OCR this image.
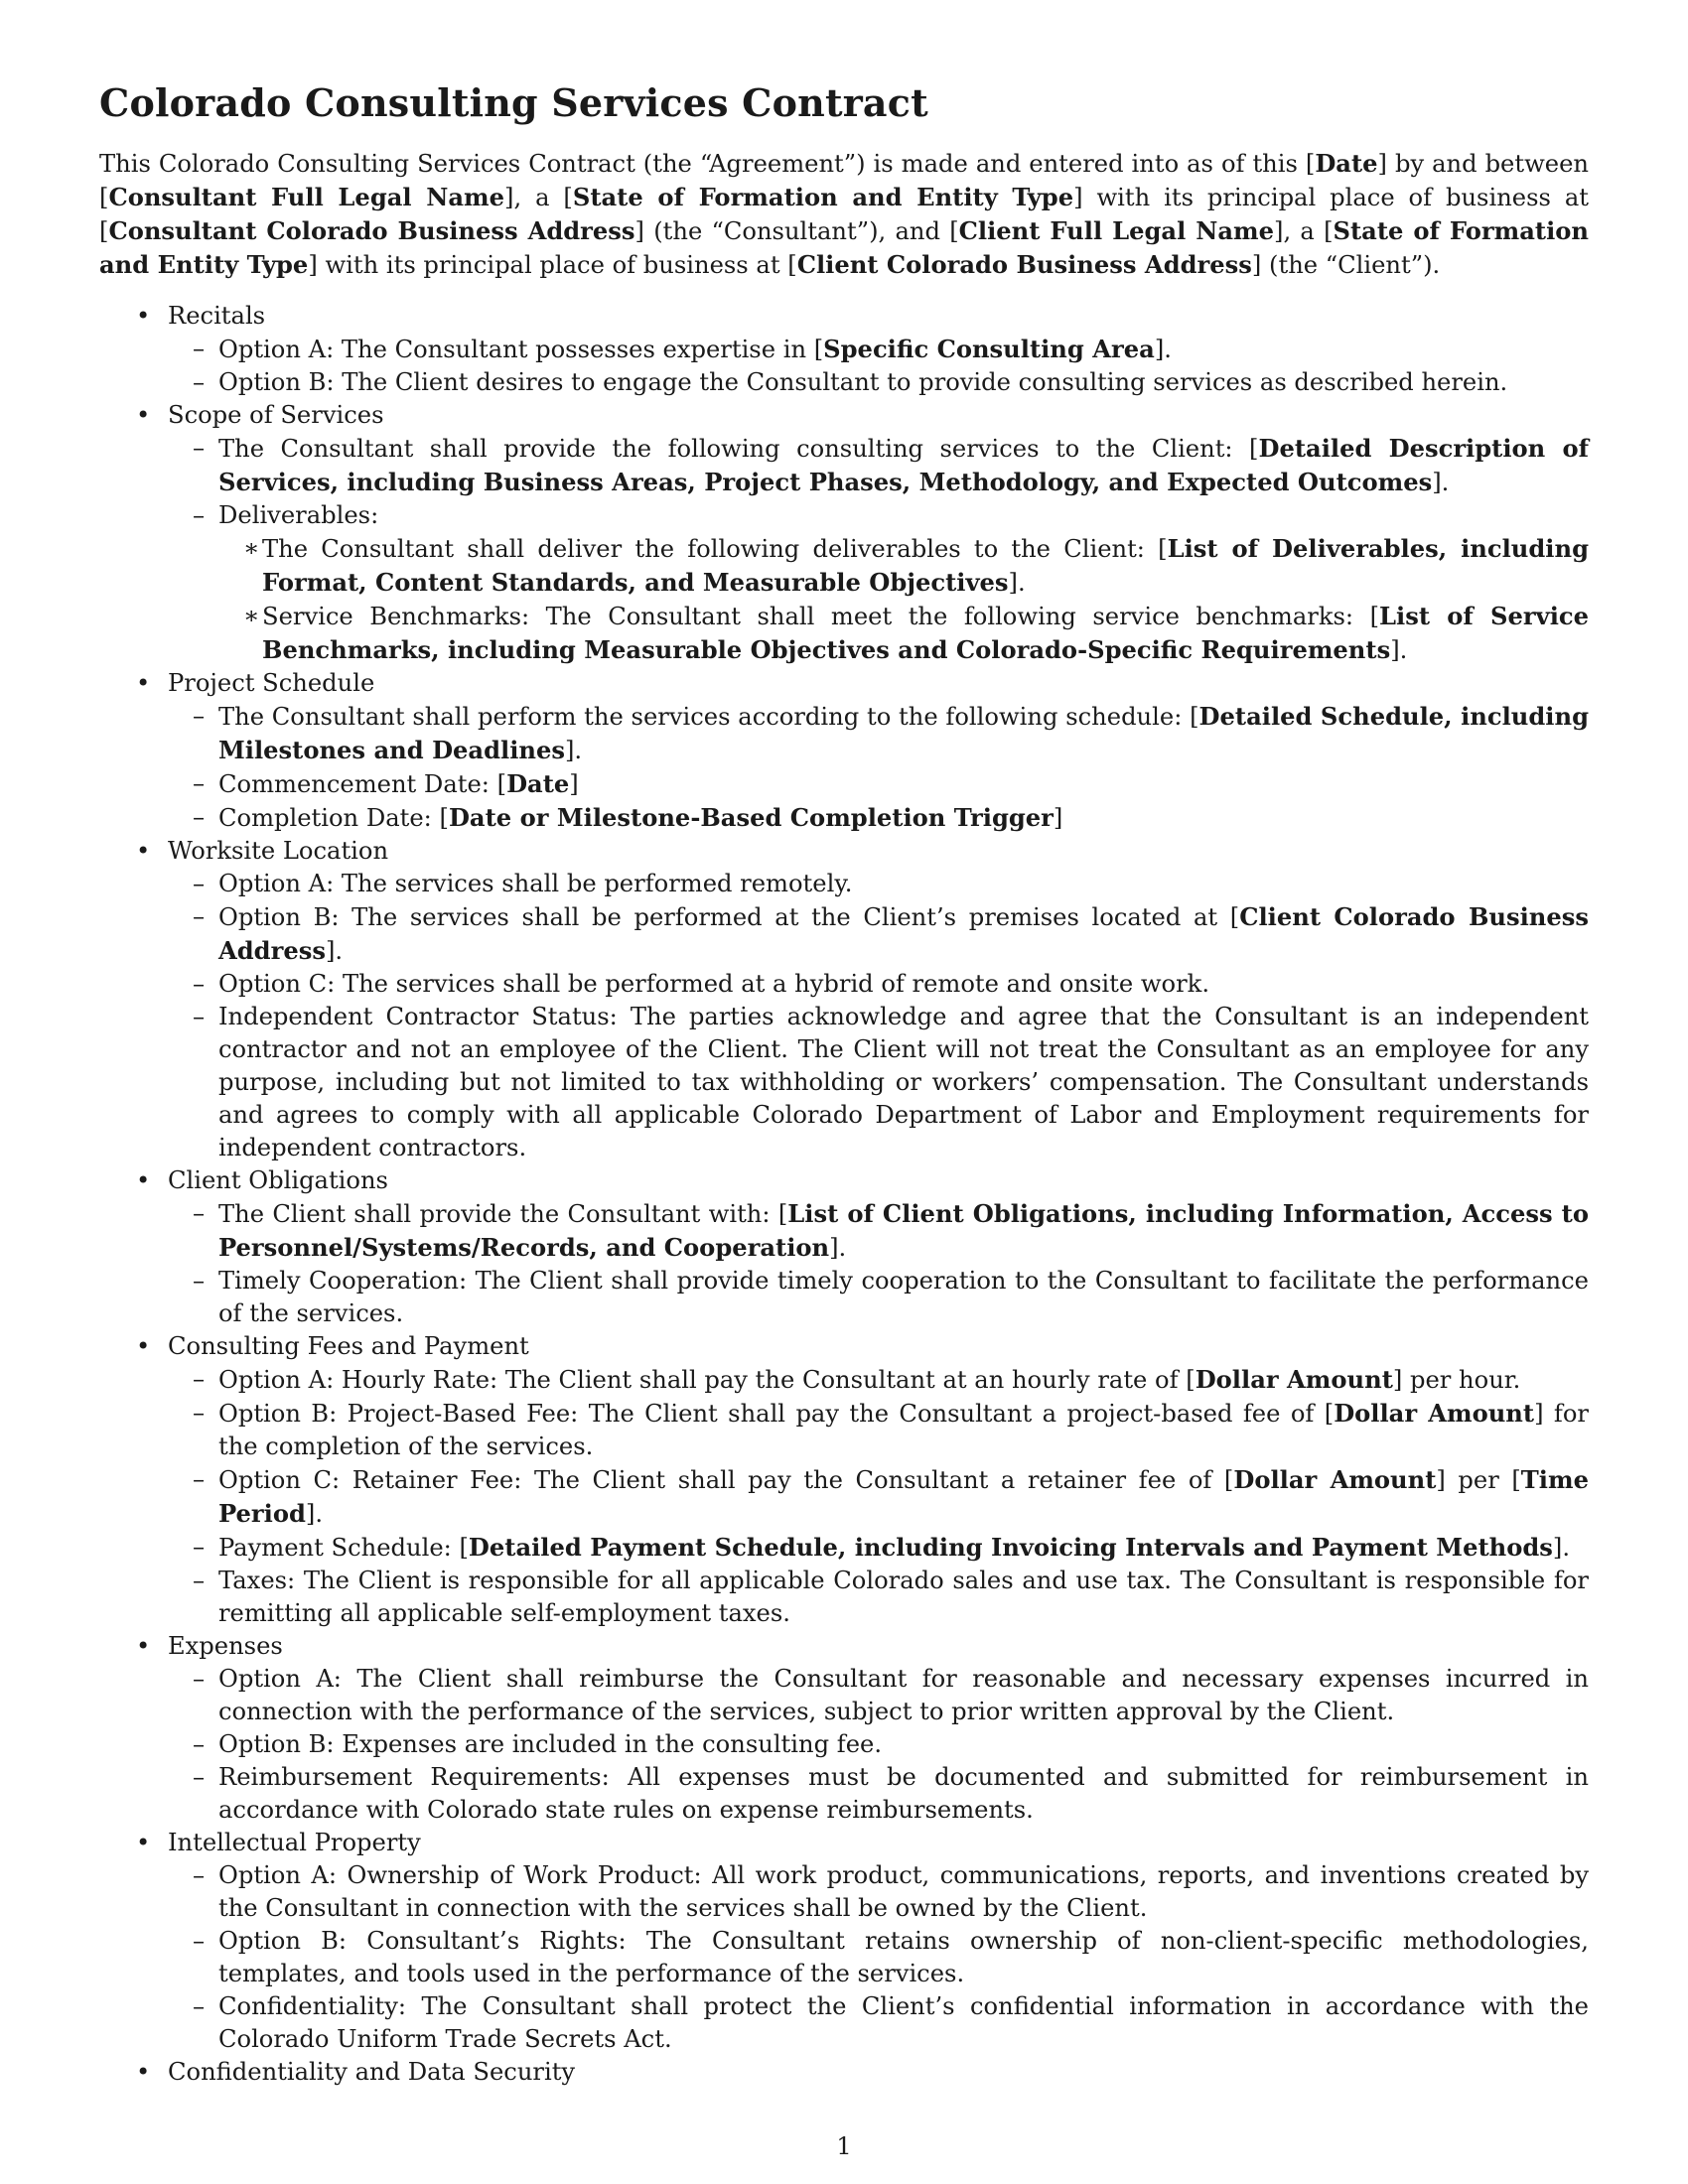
Colorado Consulting Services Contract

This Colorado Consulting Services Contract (the “Agreement”) is made and entered into as of this [Date] by and between [Consultant Full Legal Name], a [State of Formation and Entity Type] with its principal place of business at [Consultant Colorado Business Address] (the “Consultant”), and [Client Full Legal Name], a [State of Formation and Entity Type] with its principal place of business at [Client Colorado Business Address] (the “Client”).

• Recitals
– Option A: The Consultant possesses expertise in [Specific Consulting Area].
– Option B: The Client desires to engage the Consultant to provide consulting services as described herein.
• Scope of Services
– The Consultant shall provide the following consulting services to the Client: [Detailed Description of Services, including Business Areas, Project Phases, Methodology, and Expected Outcomes].
– Deliverables:
∗ The Consultant shall deliver the following deliverables to the Client: [List of Deliverables, including Format, Content Standards, and Measurable Objectives].
∗ Service Benchmarks: The Consultant shall meet the following service benchmarks: [List of Service Benchmarks, including Measurable Objectives and Colorado-Specific Requirements].
• Project Schedule
– The Consultant shall perform the services according to the following schedule: [Detailed Schedule, including Milestones and Deadlines].
– Commencement Date: [Date]
– Completion Date: [Date or Milestone-Based Completion Trigger]
• Worksite Location
– Option A: The services shall be performed remotely.
– Option B: The services shall be performed at the Client’s premises located at [Client Colorado Business Address].
– Option C: The services shall be performed at a hybrid of remote and onsite work.
– Independent Contractor Status: The parties acknowledge and agree that the Consultant is an independent contractor and not an employee of the Client. The Client will not treat the Consultant as an employee for any purpose, including but not limited to tax withholding or workers’ compensation. The Consultant understands and agrees to comply with all applicable Colorado Department of Labor and Employment requirements for independent contractors.
• Client Obligations
– The Client shall provide the Consultant with: [List of Client Obligations, including Information, Access to Personnel/Systems/Records, and Cooperation].
– Timely Cooperation: The Client shall provide timely cooperation to the Consultant to facilitate the performance of the services.
• Consulting Fees and Payment
– Option A: Hourly Rate: The Client shall pay the Consultant at an hourly rate of [Dollar Amount] per hour.
– Option B: Project-Based Fee: The Client shall pay the Consultant a project-based fee of [Dollar Amount] for the completion of the services.
– Option C: Retainer Fee: The Client shall pay the Consultant a retainer fee of [Dollar Amount] per [Time Period].
– Payment Schedule: [Detailed Payment Schedule, including Invoicing Intervals and Payment Methods].
– Taxes: The Client is responsible for all applicable Colorado sales and use tax. The Consultant is responsible for remitting all applicable self-employment taxes.
• Expenses
– Option A: The Client shall reimburse the Consultant for reasonable and necessary expenses incurred in connection with the performance of the services, subject to prior written approval by the Client.
– Option B: Expenses are included in the consulting fee.
– Reimbursement Requirements: All expenses must be documented and submitted for reimbursement in accordance with Colorado state rules on expense reimbursements.
• Intellectual Property
– Option A: Ownership of Work Product: All work product, communications, reports, and inventions created by the Consultant in connection with the services shall be owned by the Client.
– Option B: Consultant’s Rights: The Consultant retains ownership of non-client-specific methodologies, templates, and tools used in the performance of the services.
– Confidentiality: The Consultant shall protect the Client’s confidential information in accordance with the Colorado Uniform Trade Secrets Act.
• Confidentiality and Data Security
1
